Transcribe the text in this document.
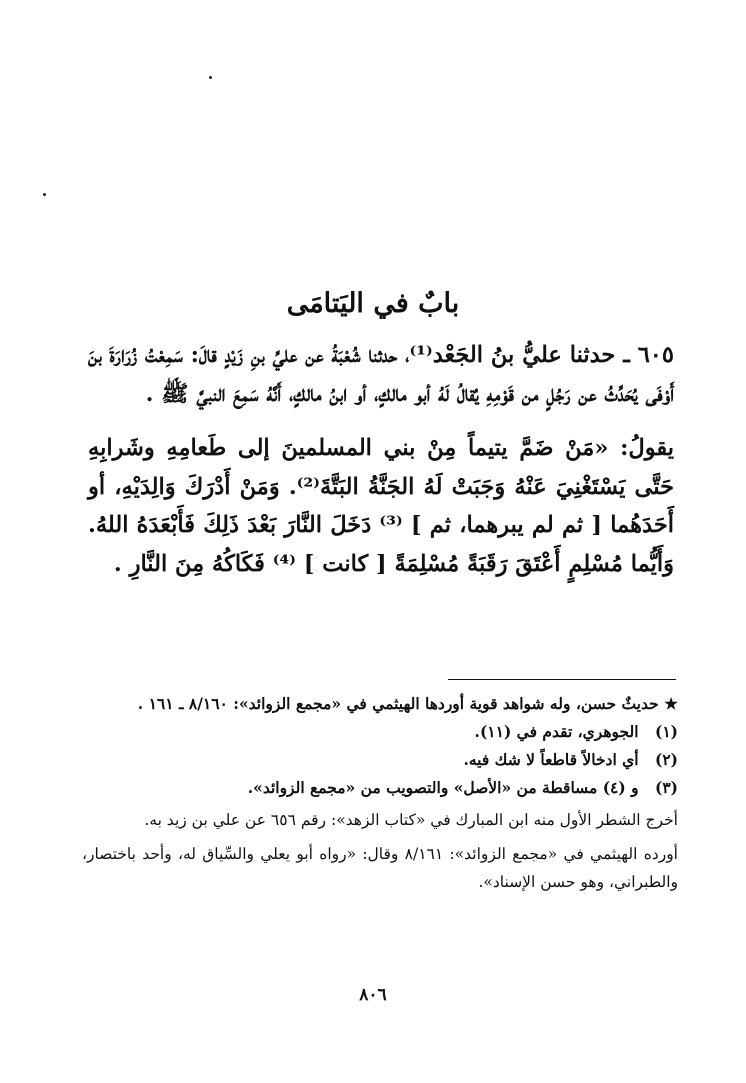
بابٌ في اليَتامَى

٦٠٥ ـ حدثنا عليُّ بنُ الجَعْد⁽¹⁾، حدثنا شُعْبَةُ عن عليِّ بنِ زَيْدٍ قالَ: سَمِعْتُ زُرَارَةَ بنَ أَوْفَى يُحَدِّثُ عن رَجُلٍ من قَوْمِهِ يُقالُ لَهُ أبو مالكٍ، أو ابنُ مالكٍ، أَنَّهُ سَمِعَ النبيَّ ﷺ .

يقولُ: «مَنْ ضَمَّ يتيماً مِنْ بني المسلمينَ إلى طَعامِهِ وشَرابِهِ حَتَّى يَسْتَغْنِيَ عَنْهُ وَجَبَتْ لَهُ الجَنَّةُ البَتَّةَ⁽²⁾. وَمَنْ أَدْرَكَ وَالِدَيْهِ، أو أَحَدَهُما [ ثم لم يبرهما، ثم ] ⁽³⁾ دَخَلَ النَّارَ بَعْدَ ذَلِكَ فَأَبْعَدَهُ اللهُ. وَأَيُّما مُسْلِمٍ أَعْتَقَ رَقَبَةً مُسْلِمَةً [ كانت ] ⁽⁴⁾ فَكَاكُهُ مِنَ النَّارِ .

★ حديثٌ حسن، وله شواهد قوية أوردها الهيثمي في «مجمع الزوائد»: ٨/١٦٠ ـ ١٦١ .

(١) الجوهري، تقدم في (١١).

(٢) أي ادخالاً قاطعاً لا شك فيه.

(٣) و (٤) مساقطة من «الأصل» والتصويب من «مجمع الزوائد».

أخرج الشطر الأول منه ابن المبارك في «كتاب الزهد»: رقم ٦٥٦ عن علي بن زيد به.

أورده الهيثمي في «مجمع الزوائد»: ٨/١٦١ وقال: «رواه أبو يعلي والسِّياق له، وأحد باختصار، والطبراني، وهو حسن الإسناد».

٨٠٦
